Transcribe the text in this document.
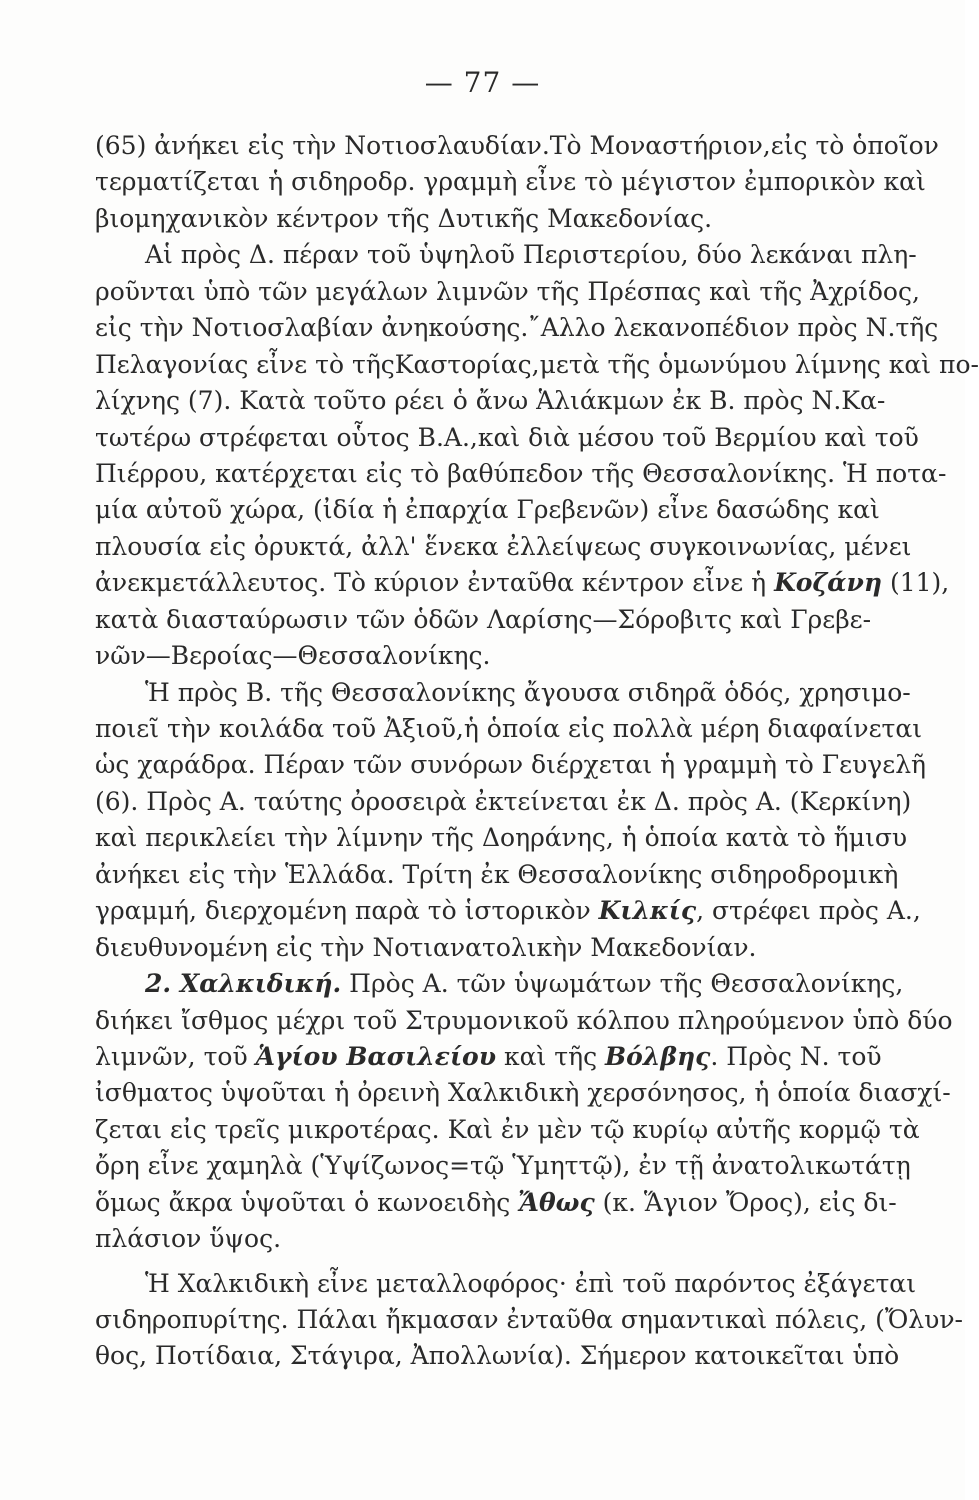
— 77 —
(65) ἀνήκει εἰς τὴν Νοτιοσλαυδίαν.Τὸ Μοναστήριον,εἰς τὸ ὁποῖον
τερματίζεται ἡ σιδηροδρ. γραμμὴ εἶνε τὸ μέγιστον ἐμπορικὸν καὶ
βιομηχανικὸν κέντρον τῆς Δυτικῆς Μακεδονίας.
Αἱ πρὸς Δ. πέραν τοῦ ὑψηλοῦ Περιστερίου, δύο λεκάναι πλη-
ροῦνται ὑπὸ τῶν μεγάλων λιμνῶν τῆς Πρέσπας καὶ τῆς Ἀχρίδος,
εἰς τὴν Νοτιοσλαβίαν ἀνηκούσης.῎Αλλο λεκανοπέδιον πρὸς Ν.τῆς
Πελαγονίας εἶνε τὸ τῆςΚαστορίας,μετὰ τῆς ὁμωνύμου λίμνης καὶ πο-
λίχνης (7). Κατὰ τοῦτο ρέει ὁ ἄνω Ἁλιάκμων ἐκ Β. πρὸς Ν.Κα-
τωτέρω στρέφεται οὗτος Β.Α.,καὶ διὰ μέσου τοῦ Βερμίου καὶ τοῦ
Πιέρρου, κατέρχεται εἰς τὸ βαθύπεδον τῆς Θεσσαλονίκης. Ἡ ποτα-
μία αὐτοῦ χώρα, (ἰδία ἡ ἐπαρχία Γρεβενῶν) εἶνε δασώδης καὶ
πλουσία εἰς ὀρυκτά, ἀλλ' ἕνεκα ἐλλείψεως συγκοινωνίας, μένει
ἀνεκμετάλλευτος. Τὸ κύριον ἐνταῦθα κέντρον εἶνε ἡ Κοζάνη (11),
κατὰ διασταύρωσιν τῶν ὁδῶν Λαρίσης—Σόροβιτς καὶ Γρεβε-
νῶν—Βεροίας—Θεσσαλονίκης.
Ἡ πρὸς Β. τῆς Θεσσαλονίκης ἄγουσα σιδηρᾶ ὁδός, χρησιμο-
ποιεῖ τὴν κοιλάδα τοῦ Ἀξιοῦ,ἡ ὁποία εἰς πολλὰ μέρη διαφαίνεται
ὡς χαράδρα. Πέραν τῶν συνόρων διέρχεται ἡ γραμμὴ τὸ Γευγελῆ
(6). Πρὸς Α. ταύτης ὀροσειρὰ ἐκτείνεται ἐκ Δ. πρὸς Α. (Κερκίνη)
καὶ περικλείει τὴν λίμνην τῆς Δοηράνης, ἡ ὁποία κατὰ τὸ ἥμισυ
ἀνήκει εἰς τὴν Ἑλλάδα. Τρίτη ἐκ Θεσσαλονίκης σιδηροδρομικὴ
γραμμή, διερχομένη παρὰ τὸ ἱστορικὸν Κιλκίς, στρέφει πρὸς Α.,
διευθυνομένη εἰς τὴν Νοτιανατολικὴν Μακεδονίαν.
2. Χαλκιδική. Πρὸς Α. τῶν ὑψωμάτων τῆς Θεσσαλονίκης,
διήκει ἴσθμος μέχρι τοῦ Στρυμονικοῦ κόλπου πληρούμενον ὑπὸ δύο
λιμνῶν, τοῦ Ἁγίου Βασιλείου καὶ τῆς Βόλβης. Πρὸς Ν. τοῦ
ἰσθματος ὑψοῦται ἡ ὀρεινὴ Χαλκιδικὴ χερσόνησος, ἡ ὁποία διασχί-
ζεται εἰς τρεῖς μικροτέρας. Καὶ ἐν μὲν τῷ κυρίῳ αὐτῆς κορμῷ τὰ
ὄρη εἶνε χαμηλὰ (Ὑψίζωνος=τῷ Ὑμηττῷ), ἐν τῇ ἀνατολικωτάτῃ
ὅμως ἄκρα ὑψοῦται ὁ κωνοειδὴς Ἄθως (κ. Ἅγιον Ὄρος), εἰς δι-
πλάσιον ὕψος.
Ἡ Χαλκιδικὴ εἶνε μεταλλοφόρος· ἐπὶ τοῦ παρόντος ἐξάγεται
σιδηροπυρίτης. Πάλαι ἤκμασαν ἐνταῦθα σημαντικαὶ πόλεις, (Ὄλυν-
θος, Ποτίδαια, Στάγιρα, Ἀπολλωνία). Σήμερον κατοικεῖται ὑπὸ
